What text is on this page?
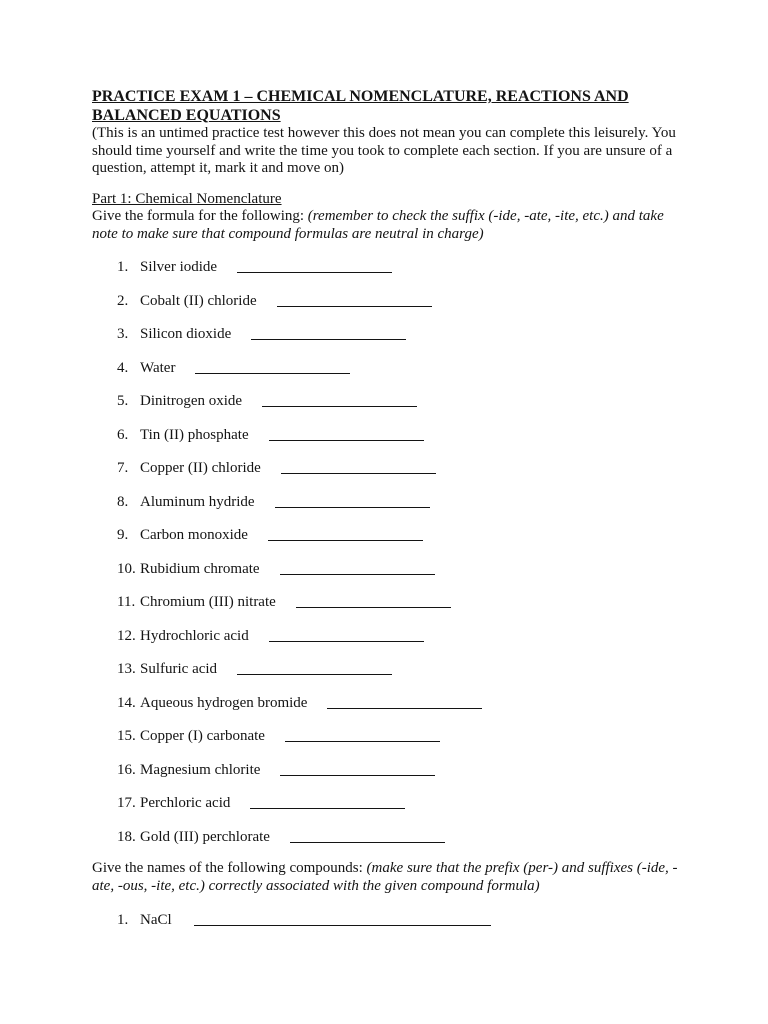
PRACTICE EXAM 1 – CHEMICAL NOMENCLATURE, REACTIONS AND BALANCED EQUATIONS

(This is an untimed practice test however this does not mean you can complete this leisurely. You should time yourself and write the time you took to complete each section. If you are unsure of a question, attempt it, mark it and move on)

Part 1: Chemical Nomenclature

Give the formula for the following: (remember to check the suffix (-ide, -ate, -ite, etc.) and take note to make sure that compound formulas are neutral in charge)

1. Silver iodide
2. Cobalt (II) chloride
3. Silicon dioxide
4. Water
5. Dinitrogen oxide
6. Tin (II) phosphate
7. Copper (II) chloride
8. Aluminum hydride
9. Carbon monoxide
10. Rubidium chromate
11. Chromium (III) nitrate
12. Hydrochloric acid
13. Sulfuric acid
14. Aqueous hydrogen bromide
15. Copper (I) carbonate
16. Magnesium chlorite
17. Perchloric acid
18. Gold (III) perchlorate

Give the names of the following compounds: (make sure that the prefix (per-) and suffixes (-ide, -ate, -ous, -ite, etc.) correctly associated with the given compound formula)

1. NaCl
